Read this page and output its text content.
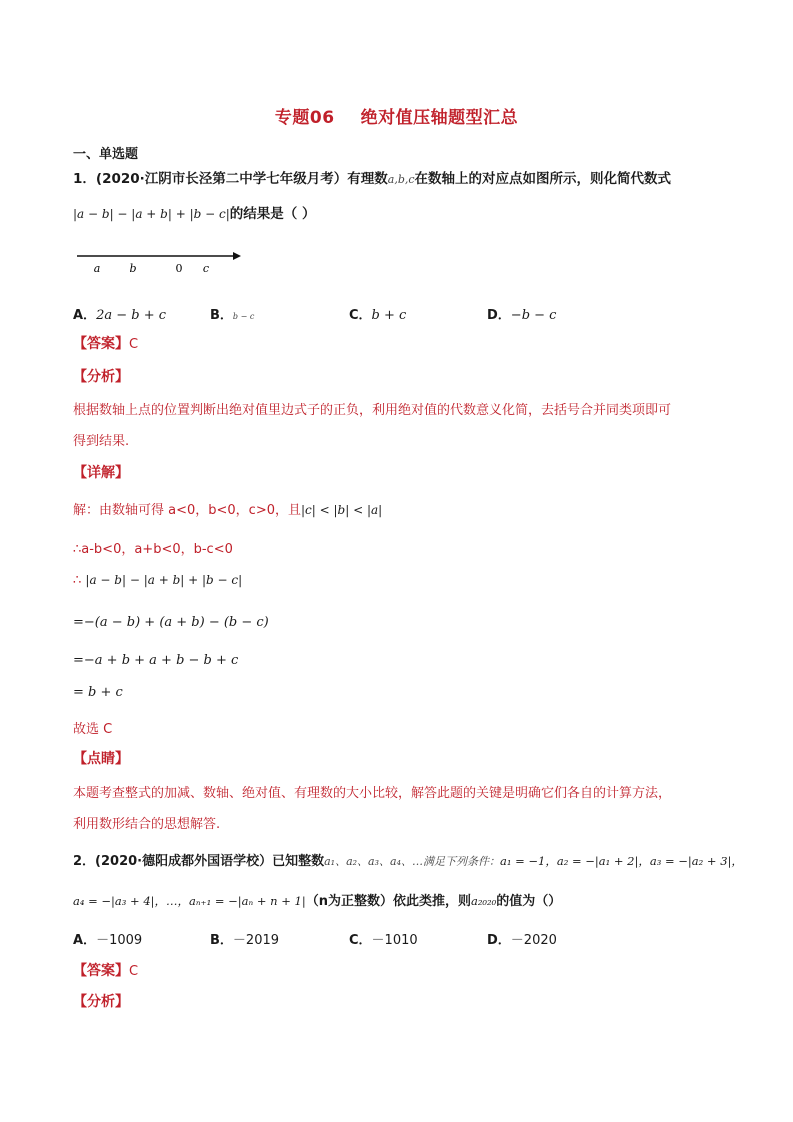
专题06 绝对值压轴题型汇总
一、单选题
1．(2020·江阴市长泾第二中学七年级月考）有理数a,b,c在数轴上的对应点如图所示，则化简代数式
|a − b| − |a + b| + |b − c|的结果是（ ）
a	b	0 c
A．2a − b + c	B．b − c	C．b + c	D．−b − c
【答案】C
【分析】
根据数轴上点的位置判断出绝对值里边式子的正负，利用绝对值的代数意义化简，去括号合并同类项即可
得到结果.
【详解】
解：由数轴可得 a<0，b<0，c>0，且|c| < |b| < |a|
∴a-b<0，a+b<0，b-c<0
∴ |a − b| − |a + b| + |b − c|
=−(a − b) + (a + b) − (b − c)
=−a + b + a + b − b + c
= b + c
故选 C
【点睛】
本题考查整式的加减、数轴、绝对值、有理数的大小比较，解答此题的关键是明确它们各自的计算方法，
利用数形结合的思想解答.
2．(2020·德阳成都外国语学校）已知整数a₁、a₂、a₃、a₄、…满足下列条件：a₁ = −1，a₂ = −|a₁ + 2|，a₃ = −|a₂ + 3|，
a₄ = −|a₃ + 4|，…，aₙ₊₁ = −|aₙ + n + 1|（n为正整数）依此类推，则a₂₀₂₀的值为（）
A．－1009	B．－2019	C．－1010	D．－2020
【答案】C
【分析】
